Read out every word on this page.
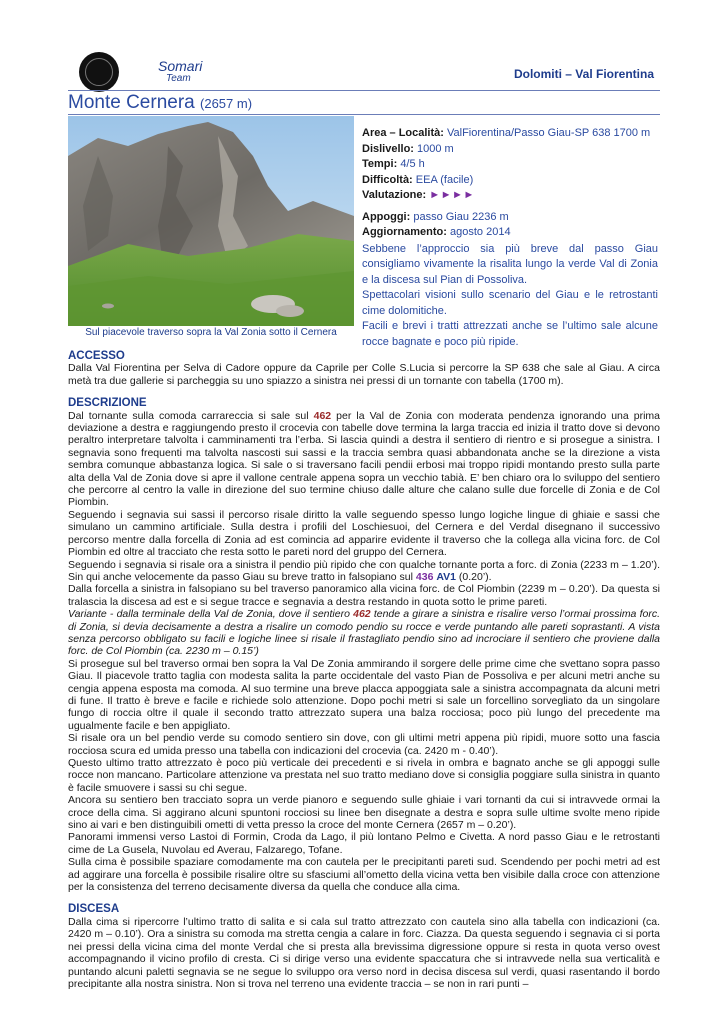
Somari
Team	Dolomiti – Val Fiorentina
Monte Cernera (2657 m)
Sul piacevole traverso sopra la Val Zonia sotto il Cernera
Area – Località: ValFiorentina/Passo Giau-SP 638 1700 m
Dislivello: 1000 m
Tempi: 4/5 h
Difficoltà: EEA (facile)
Valutazione: ►►►►
Appoggi: passo Giau 2236 m
Aggiornamento: agosto 2014
Sebbene l’approccio sia più breve dal passo Giau consigliamo vivamente la risalita lungo la verde Val di Zonia e la discesa sul Pian di Possoliva.
Spettacolari visioni sullo scenario del Giau e le retrostanti cime dolomitiche.
Facili e brevi i tratti attrezzati anche se l’ultimo sale alcune rocce bagnate e poco più ripide.
ACCESSO

Dalla Val Fiorentina per Selva di Cadore oppure da Caprile per Colle S.Lucia si percorre la SP 638 che sale al Giau. A circa metà tra due gallerie si parcheggia su uno spiazzo a sinistra nei pressi di un tornante con tabella (1700 m).

DESCRIZIONE

Dal tornante sulla comoda carrareccia si sale sul 462 per la Val de Zonia con moderata pendenza ignorando una prima deviazione a destra e raggiungendo presto il crocevia con tabelle dove termina la larga traccia ed inizia il tratto dove si devono peraltro interpretare talvolta i camminamenti tra l’erba. Si lascia quindi a destra il sentiero di rientro e si prosegue a sinistra. I segnavia sono frequenti ma talvolta nascosti sui sassi e la traccia sembra quasi abbandonata anche se la direzione a vista sembra comunque abbastanza logica. Si sale o si traversano facili pendii erbosi mai troppo ripidi montando presto sulla parte alta della Val de Zonia dove si apre il vallone centrale appena sopra un vecchio tabià. E’ ben chiaro ora lo sviluppo del sentiero che percorre al centro la valle in direzione del suo termine chiuso dalle alture che calano sulle due forcelle di Zonia e de Col Piombin.

Seguendo i segnavia sui sassi il percorso risale diritto la valle seguendo spesso lungo logiche lingue di ghiaie e sassi che simulano un cammino artificiale. Sulla destra i profili del Loschiesuoi, del Cernera e del Verdal disegnano il successivo percorso mentre dalla forcella di Zonia ad est comincia ad apparire evidente il traverso che la collega alla vicina forc. de Col Piombin ed oltre al tracciato che resta sotto le pareti nord del gruppo del Cernera.

Seguendo i segnavia si risale ora a sinistra il pendio più ripido che con qualche tornante porta a forc. di Zonia (2233 m – 1.20’). Sin qui anche velocemente da passo Giau su breve tratto in falsopiano sul 436 AV1 (0.20’).

Dalla forcella a sinistra in falsopiano su bel traverso panoramico alla vicina forc. de Col Piombin (2239 m – 0.20’). Da questa si tralascia la discesa ad est e si segue tracce e segnavia a destra restando in quota sotto le prime pareti.

Variante - dalla terminale della Val de Zonia, dove il sentiero 462 tende a girare a sinistra e risalire verso l’ormai prossima forc. di Zonia, si devia decisamente a destra a risalire un comodo pendio su rocce e verde puntando alle pareti soprastanti. A vista senza percorso obbligato su facili e logiche linee si risale il frastagliato pendio sino ad incrociare il sentiero che proviene dalla forc. de Col Piombin (ca. 2230 m – 0.15’)

Si prosegue sul bel traverso ormai ben sopra la Val De Zonia ammirando il sorgere delle prime cime che svettano sopra passo Giau. Il piacevole tratto taglia con modesta salita la parte occidentale del vasto Pian de Possoliva e per alcuni metri anche su cengia appena esposta ma comoda. Al suo termine una breve placca appoggiata sale a sinistra accompagnata da alcuni metri di fune. Il tratto è breve e facile e richiede solo attenzione. Dopo pochi metri si sale un forcellino sorvegliato da un singolare fungo di roccia oltre il quale il secondo tratto attrezzato supera una balza rocciosa; poco più lungo del precedente ma ugualmente facile e ben appigliato.

Si risale ora un bel pendio verde su comodo sentiero sin dove, con gli ultimi metri appena più ripidi, muore sotto una fascia rocciosa scura ed umida presso una tabella con indicazioni del crocevia (ca. 2420 m - 0.40’).

Questo ultimo tratto attrezzato è poco più verticale dei precedenti e si rivela in ombra e bagnato anche se gli appoggi sulle rocce non mancano. Particolare attenzione va prestata nel suo tratto mediano dove si consiglia poggiare sulla sinistra in quanto è facile smuovere i sassi su chi segue.

Ancora su sentiero ben tracciato sopra un verde pianoro e seguendo sulle ghiaie i vari tornanti da cui si intravvede ormai la croce della cima. Si aggirano alcuni spuntoni rocciosi su linee ben disegnate a destra e sopra sulle ultime svolte meno ripide sino ai vari e ben distinguibili ometti di vetta presso la croce del monte Cernera (2657 m – 0.20’).

Panorami immensi verso Lastoi di Formin, Croda da Lago, il più lontano Pelmo e Civetta. A nord passo Giau e le retrostanti cime de La Gusela, Nuvolau ed Averau, Falzarego, Tofane.

Sulla cima è possibile spaziare comodamente ma con cautela per le precipitanti pareti sud. Scendendo per pochi metri ad est ad aggirare una forcella è possibile risalire oltre su sfasciumi all’ometto della vicina vetta ben visibile dalla croce con attenzione per la consistenza del terreno decisamente diversa da quella che conduce alla cima.

DISCESA

Dalla cima si ripercorre l’ultimo tratto di salita e si cala sul tratto attrezzato con cautela sino alla tabella con indicazioni (ca. 2420 m – 0.10’). Ora a sinistra su comoda ma stretta cengia a calare in forc. Ciazza. Da questa seguendo i segnavia ci si porta nei pressi della vicina cima del monte Verdal che si presta alla brevissima digressione oppure si resta in quota verso ovest accompagnando il vicino profilo di cresta. Ci si dirige verso una evidente spaccatura che si intravvede nella sua verticalità e puntando alcuni paletti segnavia se ne segue lo sviluppo ora verso nord in decisa discesa sul verdi, quasi rasentando il bordo precipitante alla nostra sinistra. Non si trova nel terreno una evidente traccia – se non in rari punti –
